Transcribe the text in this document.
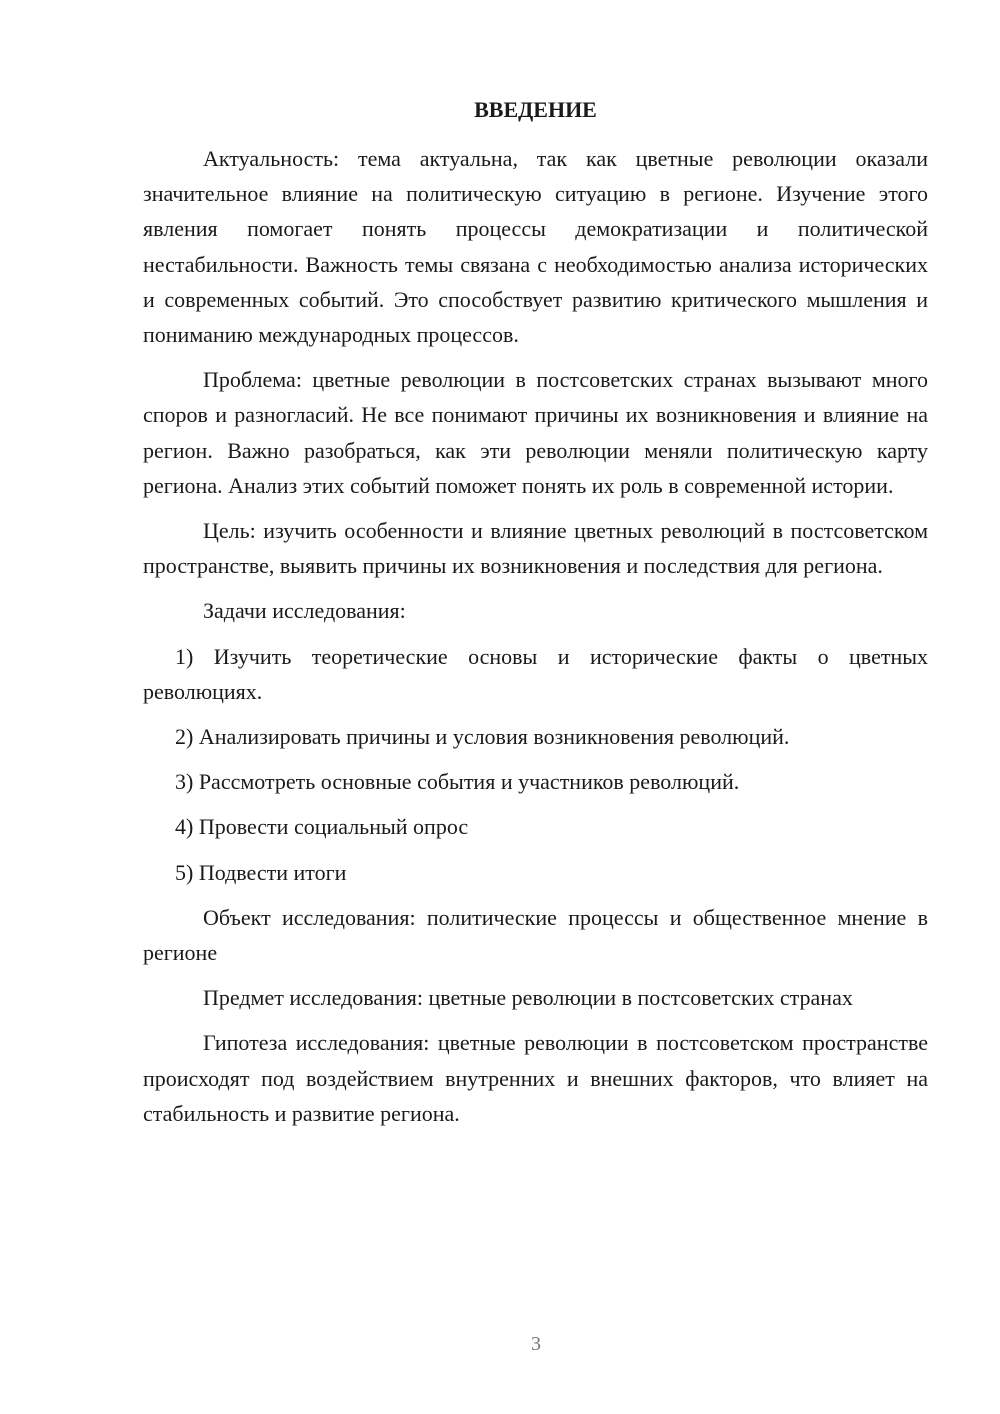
ВВЕДЕНИЕ

Актуальность: тема актуальна, так как цветные революции оказали значительное влияние на политическую ситуацию в регионе. Изучение этого явления помогает понять процессы демократизации и политической нестабильности. Важность темы связана с необходимостью анализа исторических и современных событий. Это способствует развитию критического мышления и пониманию международных процессов.

Проблема: цветные революции в постсоветских странах вызывают много споров и разногласий. Не все понимают причины их возникновения и влияние на регион. Важно разобраться, как эти революции меняли политическую карту региона. Анализ этих событий поможет понять их роль в современной истории.

Цель: изучить особенности и влияние цветных революций в постсоветском пространстве, выявить причины их возникновения и последствия для региона.

Задачи исследования:

1) Изучить теоретические основы и исторические факты о цветных революциях.

2) Анализировать причины и условия возникновения революций.

3) Рассмотреть основные события и участников революций.

4) Провести социальный опрос

5) Подвести итоги

Объект исследования: политические процессы и общественное мнение в регионе

Предмет исследования: цветные революции в постсоветских странах

Гипотеза исследования: цветные революции в постсоветском пространстве происходят под воздействием внутренних и внешних факторов, что влияет на стабильность и развитие региона.

3
